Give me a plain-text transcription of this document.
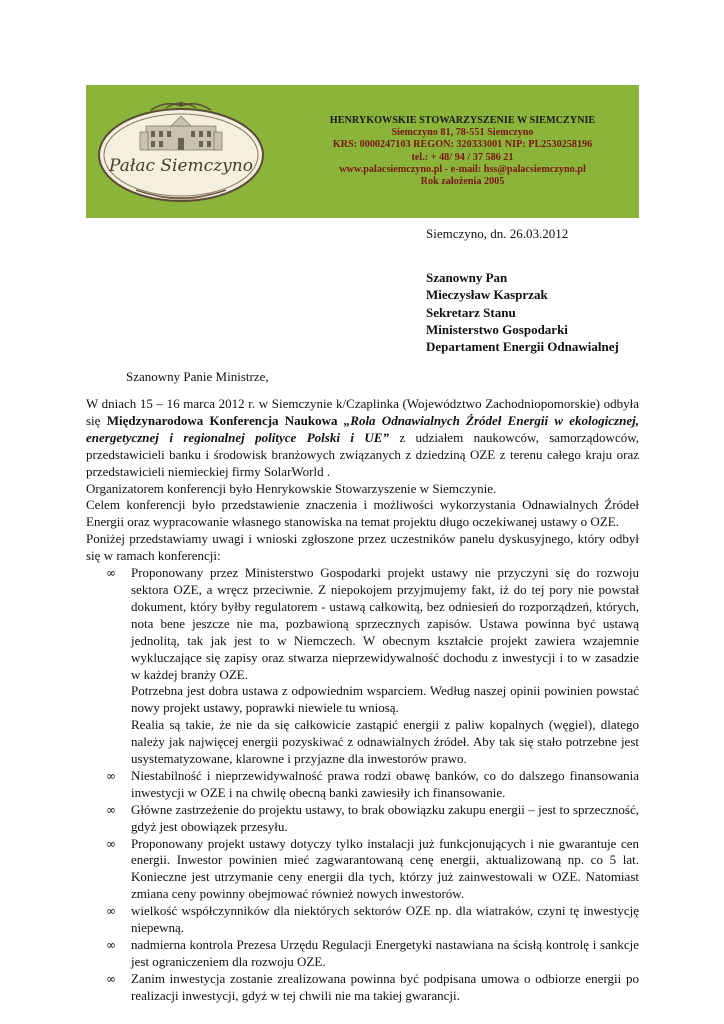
Pałac Siemczyno
HENRYKOWSKIE STOWARZYSZENIE W SIEMCZYNIE
Siemczyno 81, 78-551 Siemczyno
KRS: 0000247103 REGON: 320333001 NIP: PL2530258196
tel.: + 48/ 94 / 37 586 21
www.palacsiemczyno.pl - e-mail: hss@palacsiemczyno.pl
Rok założenia 2005
Siemczyno, dn. 26.03.2012
Szanowny Pan
Mieczysław Kasprzak
Sekretarz Stanu
Ministerstwo Gospodarki
Departament Energii Odnawialnej
Szanowny Panie Ministrze,
W dniach 15 – 16 marca 2012 r. w Siemczynie k/Czaplinka (Województwo Zachodniopomorskie) odbyła się Międzynarodowa Konferencja Naukowa „Rola Odnawialnych Źródeł Energii w ekologicznej, energetycznej i regionalnej polityce Polski i UE” z udziałem naukowców, samorządowców, przedstawicieli banku i środowisk branżowych związanych z dziedziną OZE z terenu całego kraju oraz przedstawicieli niemieckiej firmy SolarWorld .
Organizatorem konferencji było Henrykowskie Stowarzyszenie w Siemczynie.
Celem konferencji było przedstawienie znaczenia i możliwości wykorzystania Odnawialnych Źródeł Energii oraz wypracowanie własnego stanowiska na temat projektu długo oczekiwanej ustawy o OZE.
Poniżej przedstawiamy uwagi i wnioski zgłoszone przez uczestników panelu dyskusyjnego, który odbył się w ramach konferencji:
∞ Proponowany przez Ministerstwo Gospodarki projekt ustawy nie przyczyni się do rozwoju sektora OZE, a wręcz przeciwnie. Z niepokojem przyjmujemy fakt, iż do tej pory nie powstał dokument, który byłby regulatorem - ustawą całkowitą, bez odniesień do rozporządzeń, których, nota bene jeszcze nie ma, pozbawioną sprzecznych zapisów. Ustawa powinna być ustawą jednolitą, tak jak jest to w Niemczech. W obecnym kształcie projekt zawiera wzajemnie wykluczające się zapisy oraz stwarza nieprzewidywalność dochodu z inwestycji i to w zasadzie w każdej branży OZE.
Potrzebna jest dobra ustawa z odpowiednim wsparciem. Według naszej opinii powinien powstać nowy projekt ustawy, poprawki niewiele tu wniosą.
Realia są takie, że nie da się całkowicie zastąpić energii z paliw kopalnych (węgiel), dlatego należy jak najwięcej energii pozyskiwać z odnawialnych źródeł. Aby tak się stało potrzebne jest usystematyzowane, klarowne i przyjazne dla inwestorów prawo.
∞ Niestabilność i nieprzewidywalność prawa rodzi obawę banków, co do dalszego finansowania inwestycji w OZE i na chwilę obecną banki zawiesiły ich finansowanie.
∞ Główne zastrzeżenie do projektu ustawy, to brak obowiązku zakupu energii – jest to sprzeczność, gdyż jest obowiązek przesyłu.
∞ Proponowany projekt ustawy dotyczy tylko instalacji już funkcjonujących i nie gwarantuje cen energii. Inwestor powinien mieć zagwarantowaną cenę energii, aktualizowaną np. co 5 lat. Konieczne jest utrzymanie ceny energii dla tych, którzy już zainwestowali w OZE. Natomiast zmiana ceny powinny obejmować również nowych inwestorów.
∞ wielkość współczynników dla niektórych sektorów OZE np. dla wiatraków, czyni tę inwestycję niepewną.
∞ nadmierna kontrola Prezesa Urzędu Regulacji Energetyki nastawiana na ścisłą kontrolę i sankcje jest ograniczeniem dla rozwoju OZE.
∞ Zanim inwestycja zostanie zrealizowana powinna być podpisana umowa o odbiorze energii po realizacji inwestycji, gdyż w tej chwili nie ma takiej gwarancji.
